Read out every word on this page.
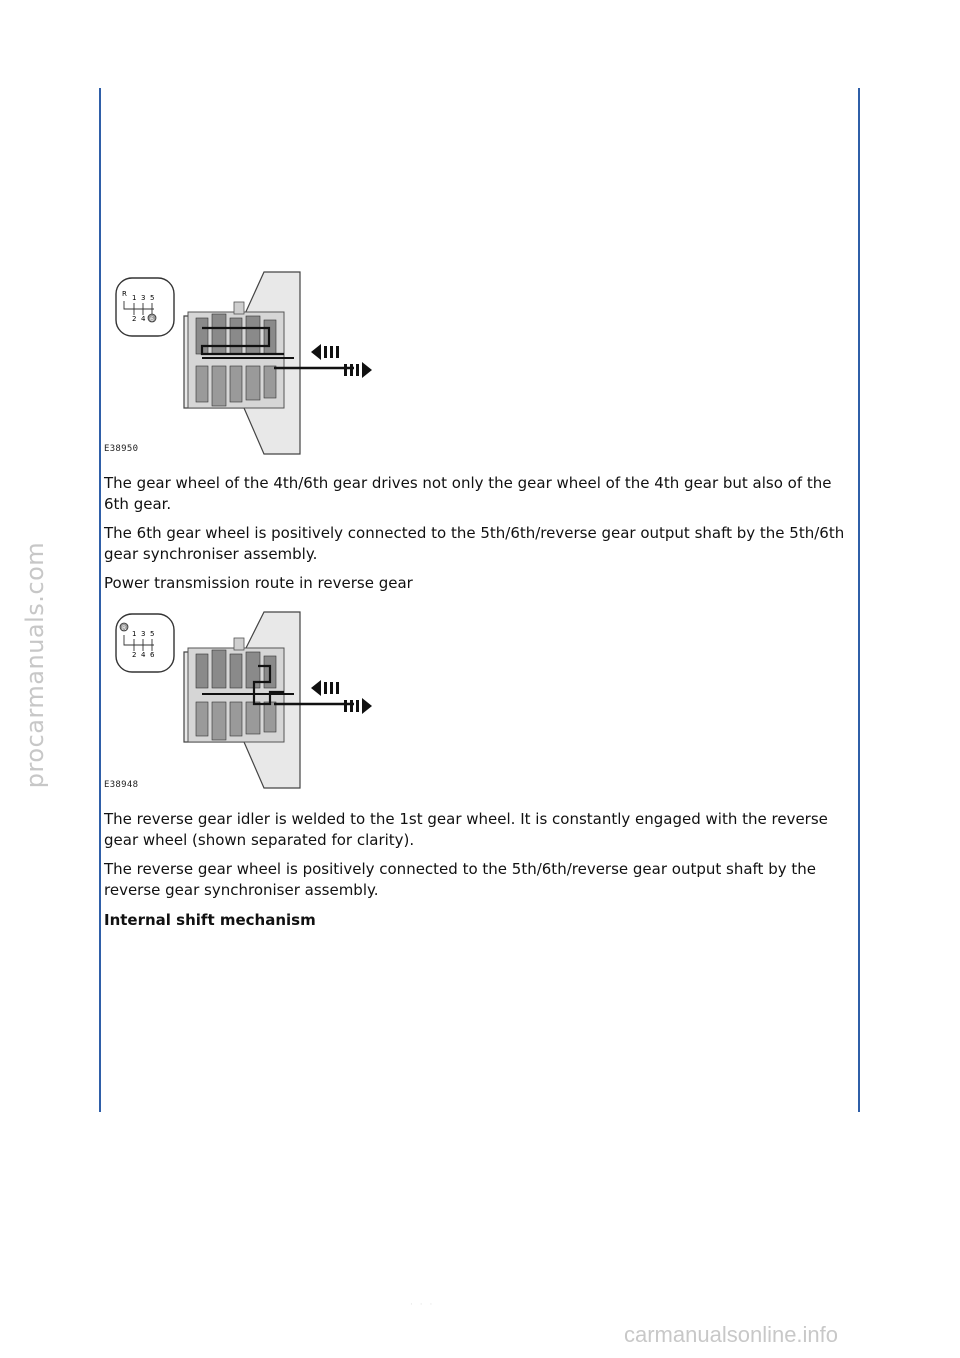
procarmanuals.com
R 1 3 5
2 4 6
E38950

The gear wheel of the 4th/6th gear drives not only the gear wheel of the 4th gear but also of the 6th gear.

The 6th gear wheel is positively connected to the 5th/6th/reverse gear output shaft by the 5th/6th gear synchroniser assembly.

Power transmission route in reverse gear

R
1 3 5
2 4 6
E38948

The reverse gear idler is welded to the 1st gear wheel. It is constantly engaged with the reverse gear wheel (shown separated for clarity).

The reverse gear wheel is positively connected to the 5th/6th/reverse gear output shaft by the reverse gear synchroniser assembly.

Internal shift mechanism
· · ·
carmanualsonline.info
